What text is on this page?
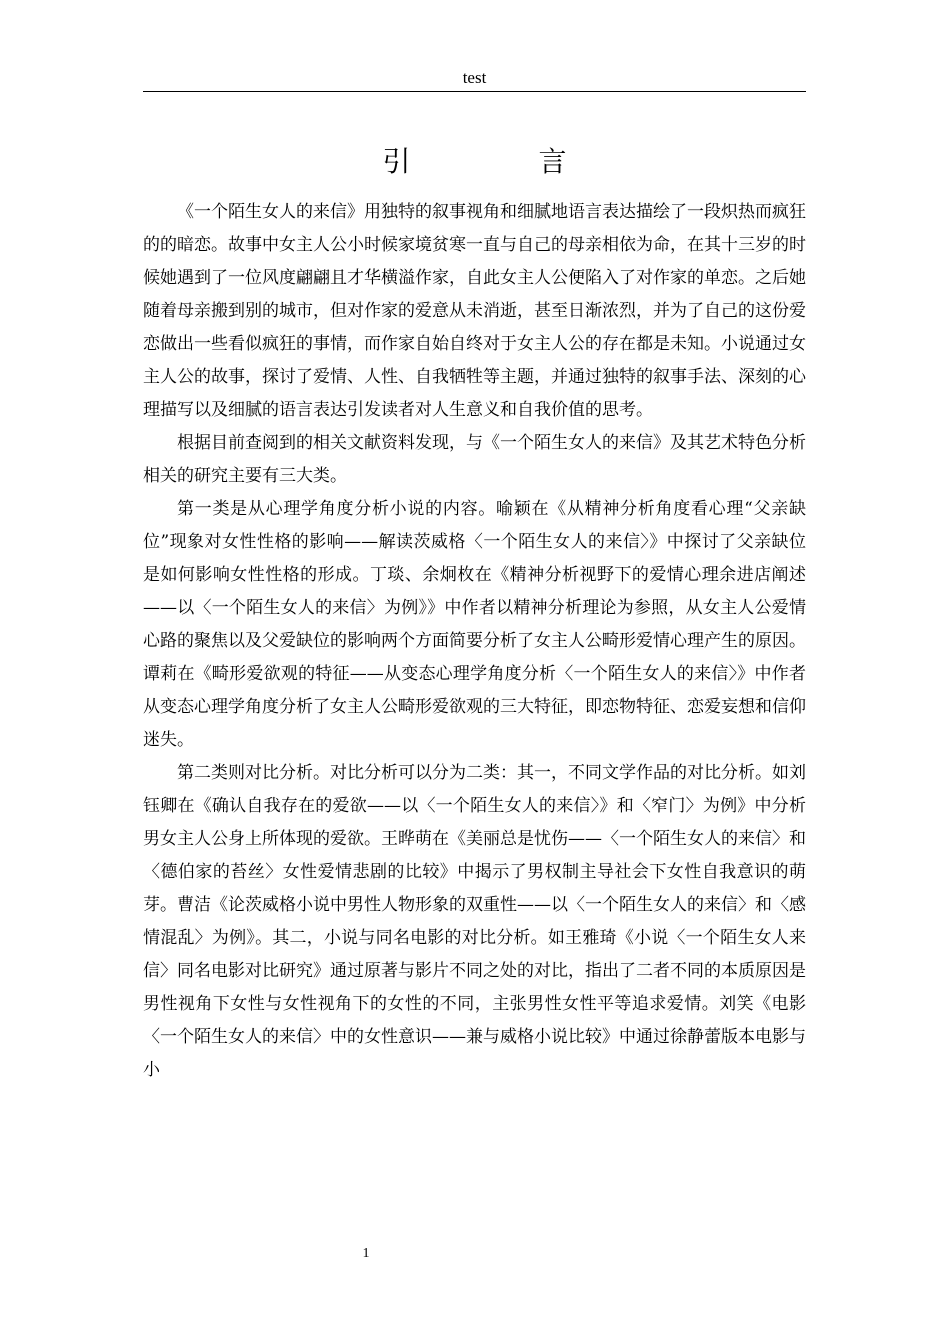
test
引　言

《一个陌生女人的来信》用独特的叙事视角和细腻地语言表达描绘了一段炽热而疯狂的的暗恋。故事中女主人公小时候家境贫寒一直与自己的母亲相依为命，在其十三岁的时候她遇到了一位风度翩翩且才华横溢作家，自此女主人公便陷入了对作家的单恋。之后她随着母亲搬到别的城市，但对作家的爱意从未消逝，甚至日渐浓烈，并为了自己的这份爱恋做出一些看似疯狂的事情，而作家自始自终对于女主人公的存在都是未知。小说通过女主人公的故事，探讨了爱情、人性、自我牺牲等主题，并通过独特的叙事手法、深刻的心理描写以及细腻的语言表达引发读者对人生意义和自我价值的思考。

根据目前查阅到的相关文献资料发现，与《一个陌生女人的来信》及其艺术特色分析相关的研究主要有三大类。

第一类是从心理学角度分析小说的内容。喻颖在《从精神分析角度看心理“父亲缺位”现象对女性性格的影响——解读茨威格〈一个陌生女人的来信〉》中探讨了父亲缺位是如何影响女性性格的形成。丁琰、余炯枚在《精神分析视野下的爱情心理余进店阐述——以〈一个陌生女人的来信〉为例》》中作者以精神分析理论为参照，从女主人公爱情心路的聚焦以及父爱缺位的影响两个方面简要分析了女主人公畸形爱情心理产生的原因。谭莉在《畸形爱欲观的特征——从变态心理学角度分析〈一个陌生女人的来信〉》中作者从变态心理学角度分析了女主人公畸形爱欲观的三大特征，即恋物特征、恋爱妄想和信仰迷失。

第二类则对比分析。对比分析可以分为二类：其一，不同文学作品的对比分析。如刘钰卿在《确认自我存在的爱欲——以〈一个陌生女人的来信〉》和〈窄门〉为例》中分析男女主人公身上所体现的爱欲。王晔萌在《美丽总是忧伤——〈一个陌生女人的来信〉和〈德伯家的苔丝〉女性爱情悲剧的比较》中揭示了男权制主导社会下女性自我意识的萌芽。曹洁《论茨威格小说中男性人物形象的双重性——以〈一个陌生女人的来信〉和〈感情混乱〉为例》。其二，小说与同名电影的对比分析。如王雅琦《小说〈一个陌生女人来信〉同名电影对比研究》通过原著与影片不同之处的对比，指出了二者不同的本质原因是男性视角下女性与女性视角下的女性的不同，主张男性女性平等追求爱情。刘笑《电影〈一个陌生女人的来信〉中的女性意识——兼与威格小说比较》中通过徐静蕾版本电影与小

1
